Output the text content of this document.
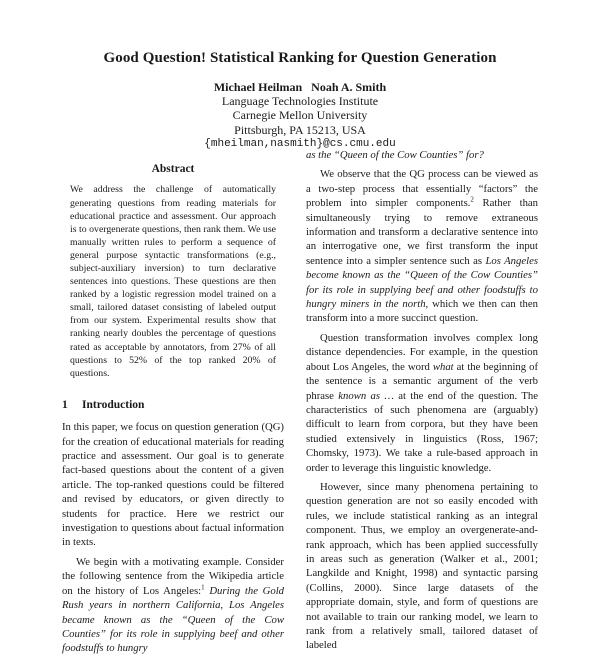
Good Question! Statistical Ranking for Question Generation
Michael Heilman   Noah A. Smith
Language Technologies Institute
Carnegie Mellon University
Pittsburgh, PA 15213, USA
{mheilman,nasmith}@cs.cmu.edu
Abstract
We address the challenge of automatically generating questions from reading materials for educational practice and assessment. Our approach is to overgenerate questions, then rank them. We use manually written rules to perform a sequence of general purpose syntactic transformations (e.g., subject-auxiliary inversion) to turn declarative sentences into questions. These questions are then ranked by a logistic regression model trained on a small, tailored dataset consisting of labeled output from our system. Experimental results show that ranking nearly doubles the percentage of questions rated as acceptable by annotators, from 27% of all questions to 52% of the top ranked 20% of questions.
1 Introduction

In this paper, we focus on question generation (QG) for the creation of educational materials for reading practice and assessment. Our goal is to generate fact-based questions about the content of a given article. The top-ranked questions could be filtered and revised by educators, or given directly to students for practice. Here we restrict our investigation to questions about factual information in texts.

We begin with a motivating example. Consider the following sentence from the Wikipedia article on the history of Los Angeles:$^1$ During the Gold Rush years in northern California, Los Angeles became known as the “Queen of the Cow Counties” for its role in supplying beef and other foodstuffs to hungry

as the “Queen of the Cow Counties” for?

We observe that the QG process can be viewed as a two-step process that essentially “factors” the problem into simpler components.$^2$ Rather than simultaneously trying to remove extraneous information and transform a declarative sentence into an interrogative one, we first transform the input sentence into a simpler sentence such as Los Angeles become known as the “Queen of the Cow Counties” for its role in supplying beef and other foodstuffs to hungry miners in the north, which we then can then transform into a more succinct question.

Question transformation involves complex long distance dependencies. For example, in the question about Los Angeles, the word what at the beginning of the sentence is a semantic argument of the verb phrase known as … at the end of the question. The characteristics of such phenomena are (arguably) difficult to learn from corpora, but they have been studied extensively in linguistics (Ross, 1967; Chomsky, 1973). We take a rule-based approach in order to leverage this linguistic knowledge.

However, since many phenomena pertaining to question generation are not so easily encoded with rules, we include statistical ranking as an integral component. Thus, we employ an overgenerate-and-rank approach, which has been applied successfully in areas such as generation (Walker et al., 2001; Langkilde and Knight, 1998) and syntactic parsing (Collins, 2000). Since large datasets of the appropriate domain, style, and form of questions are not available to train our ranking model, we learn to rank from a relatively small, tailored dataset of labeled
